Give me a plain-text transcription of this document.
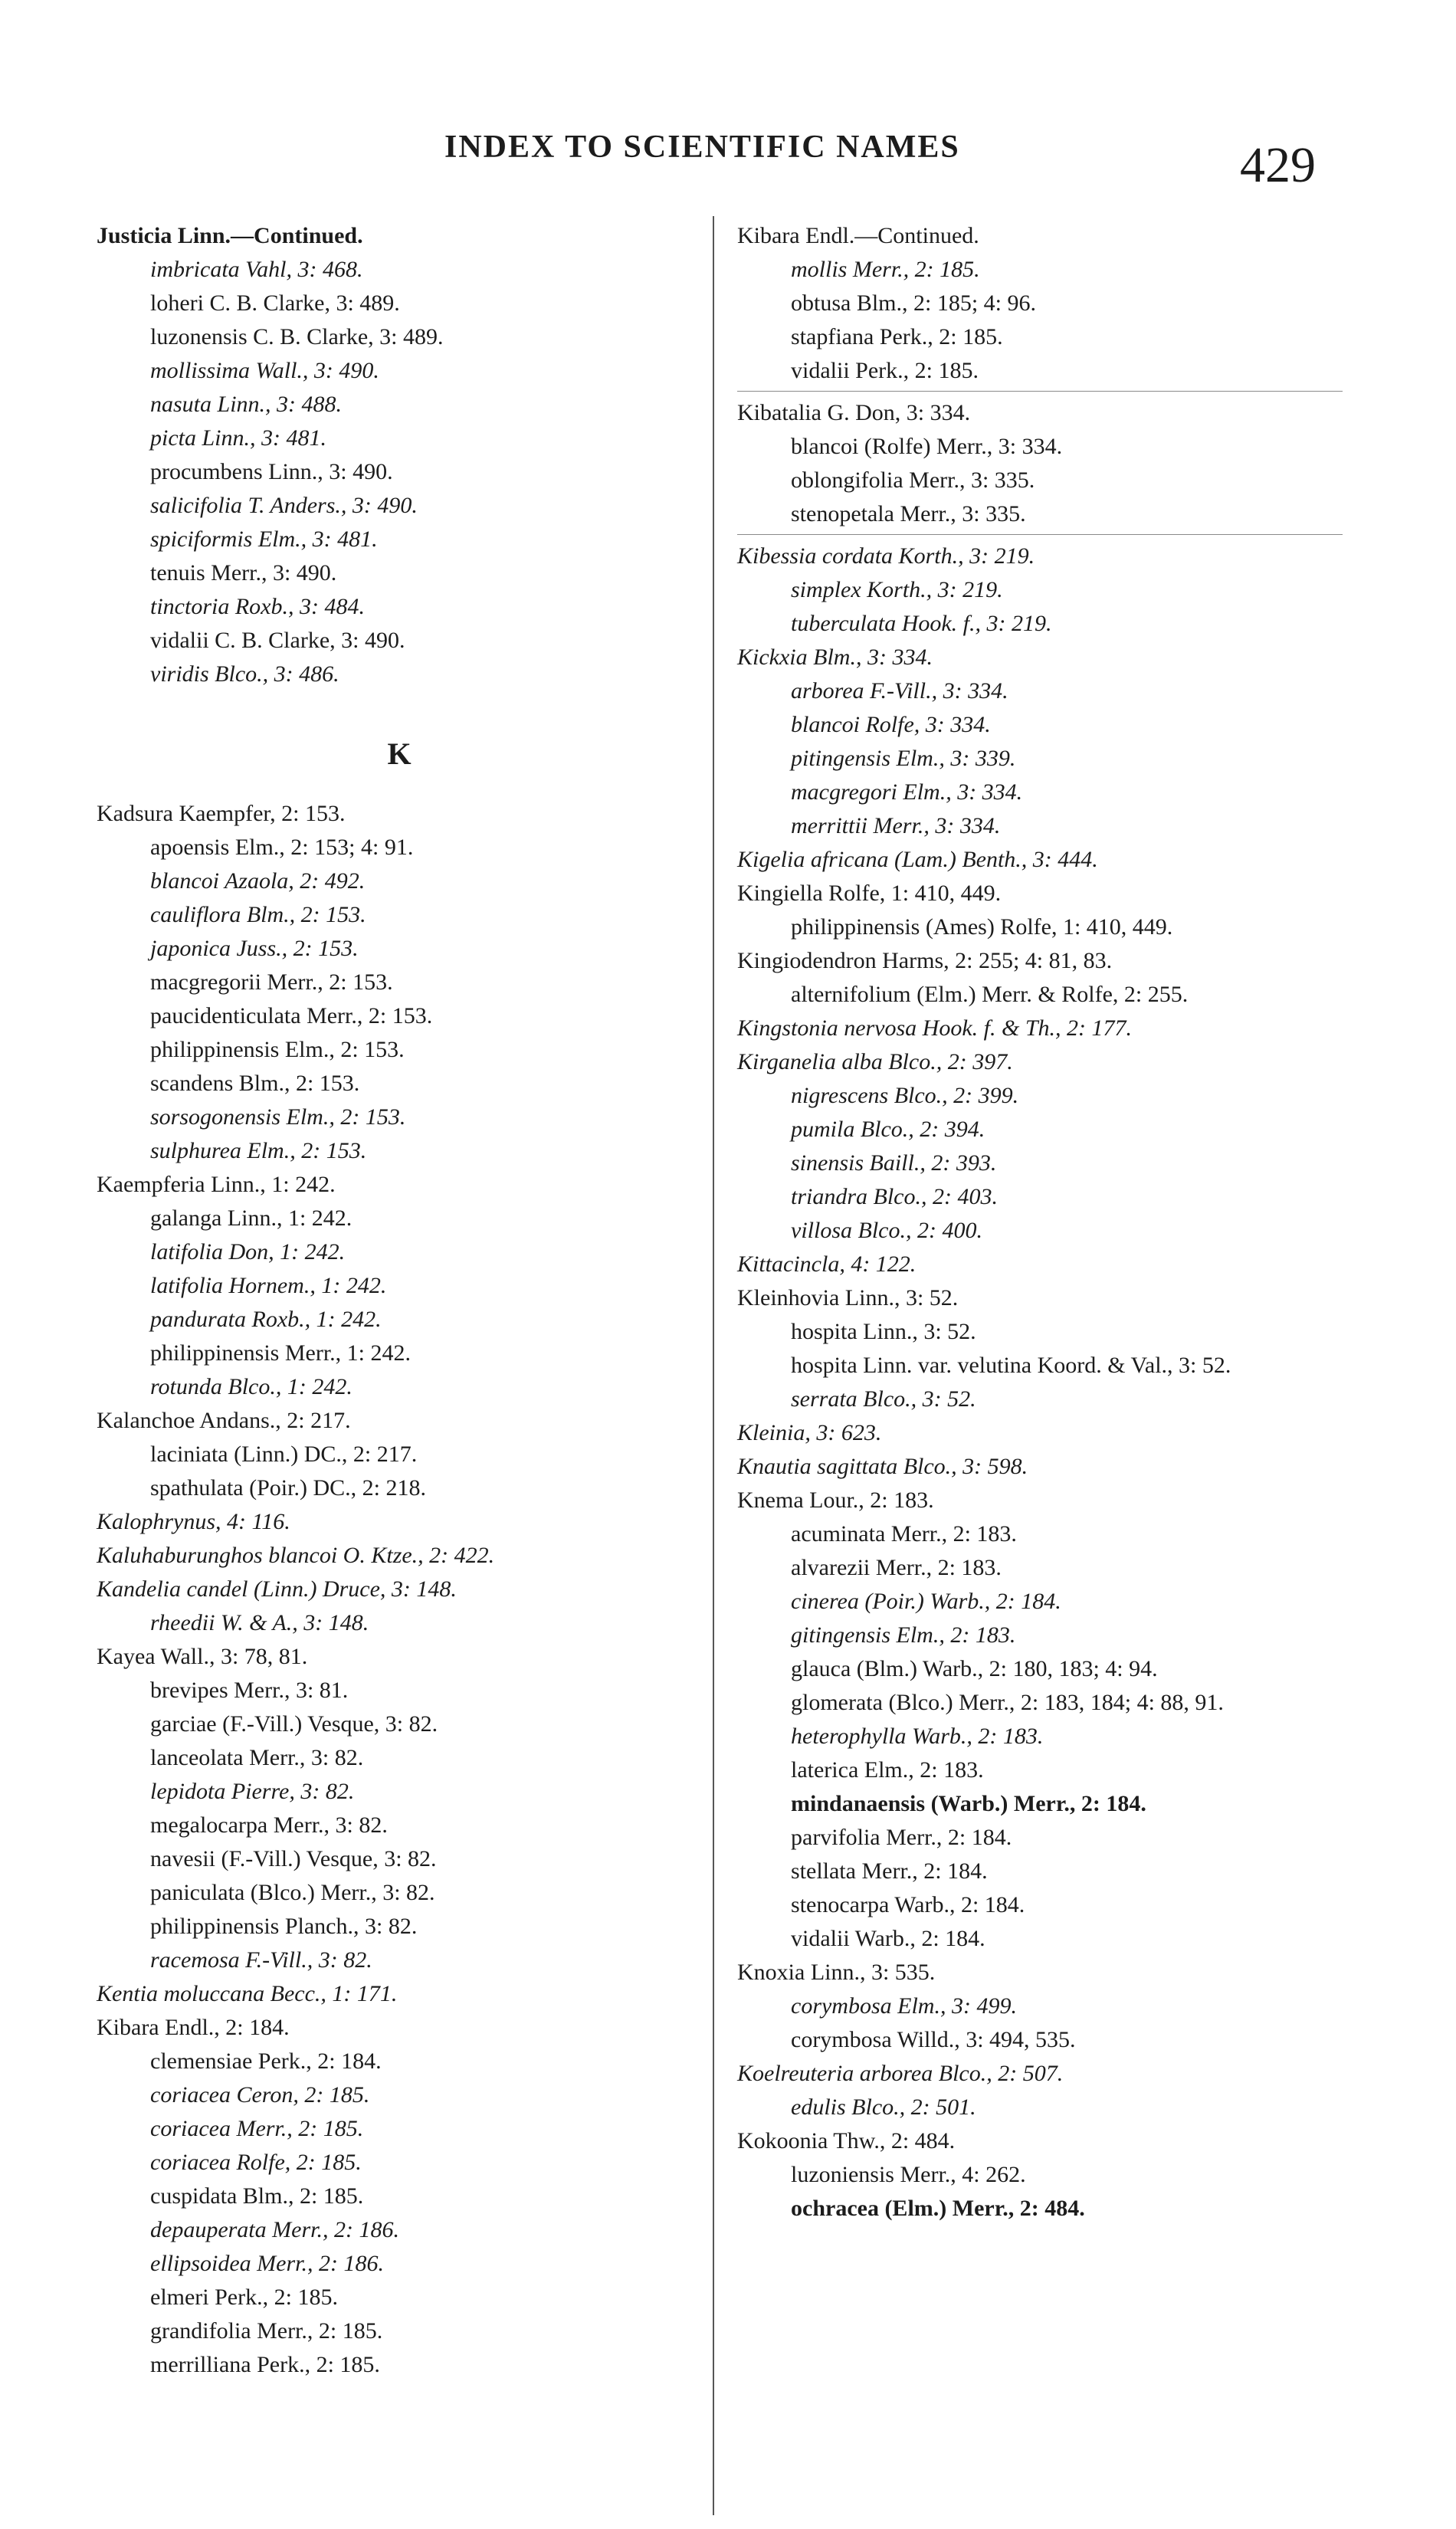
INDEX TO SCIENTIFIC NAMES	429
Justicia Linn.—Continued.
imbricata Vahl, 3: 468.
loheri C. B. Clarke, 3: 489.
luzonensis C. B. Clarke, 3: 489.
mollissima Wall., 3: 490.
nasuta Linn., 3: 488.
picta Linn., 3: 481.
procumbens Linn., 3: 490.
salicifolia T. Anders., 3: 490.
spiciformis Elm., 3: 481.
tenuis Merr., 3: 490.
tinctoria Roxb., 3: 484.
vidalii C. B. Clarke, 3: 490.
viridis Blco., 3: 486.
K
Kadsura Kaempfer, 2: 153.
apoensis Elm., 2: 153; 4: 91.
blancoi Azaola, 2: 492.
cauliflora Blm., 2: 153.
japonica Juss., 2: 153.
macgregorii Merr., 2: 153.
paucidenticulata Merr., 2: 153.
philippinensis Elm., 2: 153.
scandens Blm., 2: 153.
sorsogonensis Elm., 2: 153.
sulphurea Elm., 2: 153.
Kaempferia Linn., 1: 242.
galanga Linn., 1: 242.
latifolia Don, 1: 242.
latifolia Hornem., 1: 242.
pandurata Roxb., 1: 242.
philippinensis Merr., 1: 242.
rotunda Blco., 1: 242.
Kalanchoe Andans., 2: 217.
laciniata (Linn.) DC., 2: 217.
spathulata (Poir.) DC., 2: 218.
Kalophrynus, 4: 116.
Kaluhaburunghos blancoi O. Ktze., 2: 422.
Kandelia candel (Linn.) Druce, 3: 148.
rheedii W. & A., 3: 148.
Kayea Wall., 3: 78, 81.
brevipes Merr., 3: 81.
garciae (F.-Vill.) Vesque, 3: 82.
lanceolata Merr., 3: 82.
lepidota Pierre, 3: 82.
megalocarpa Merr., 3: 82.
navesii (F.-Vill.) Vesque, 3: 82.
paniculata (Blco.) Merr., 3: 82.
philippinensis Planch., 3: 82.
racemosa F.-Vill., 3: 82.
Kentia moluccana Becc., 1: 171.
Kibara Endl., 2: 184.
clemensiae Perk., 2: 184.
coriacea Ceron, 2: 185.
coriacea Merr., 2: 185.
coriacea Rolfe, 2: 185.
cuspidata Blm., 2: 185.
depauperata Merr., 2: 186.
ellipsoidea Merr., 2: 186.
elmeri Perk., 2: 185.
grandifolia Merr., 2: 185.
merrilliana Perk., 2: 185.
Kibara Endl.—Continued.
mollis Merr., 2: 185.
obtusa Blm., 2: 185; 4: 96.
stapfiana Perk., 2: 185.
vidalii Perk., 2: 185.
Kibatalia G. Don, 3: 334.
blancoi (Rolfe) Merr., 3: 334.
oblongifolia Merr., 3: 335.
stenopetala Merr., 3: 335.
Kibessia cordata Korth., 3: 219.
simplex Korth., 3: 219.
tuberculata Hook. f., 3: 219.
Kickxia Blm., 3: 334.
arborea F.-Vill., 3: 334.
blancoi Rolfe, 3: 334.
pitingensis Elm., 3: 339.
macgregori Elm., 3: 334.
merrittii Merr., 3: 334.
Kigelia africana (Lam.) Benth., 3: 444.
Kingiella Rolfe, 1: 410, 449.
philippinensis (Ames) Rolfe, 1: 410, 449.
Kingiodendron Harms, 2: 255; 4: 81, 83.
alternifolium (Elm.) Merr. & Rolfe, 2: 255.
Kingstonia nervosa Hook. f. & Th., 2: 177.
Kirganelia alba Blco., 2: 397.
nigrescens Blco., 2: 399.
pumila Blco., 2: 394.
sinensis Baill., 2: 393.
triandra Blco., 2: 403.
villosa Blco., 2: 400.
Kittacincla, 4: 122.
Kleinhovia Linn., 3: 52.
hospita Linn., 3: 52.
hospita Linn. var. velutina Koord. & Val., 3: 52.
serrata Blco., 3: 52.
Kleinia, 3: 623.
Knautia sagittata Blco., 3: 598.
Knema Lour., 2: 183.
acuminata Merr., 2: 183.
alvarezii Merr., 2: 183.
cinerea (Poir.) Warb., 2: 184.
gitingensis Elm., 2: 183.
glauca (Blm.) Warb., 2: 180, 183; 4: 94.
glomerata (Blco.) Merr., 2: 183, 184; 4: 88, 91.
heterophylla Warb., 2: 183.
laterica Elm., 2: 183.
mindanaensis (Warb.) Merr., 2: 184.
parvifolia Merr., 2: 184.
stellata Merr., 2: 184.
stenocarpa Warb., 2: 184.
vidalii Warb., 2: 184.
Knoxia Linn., 3: 535.
corymbosa Elm., 3: 499.
corymbosa Willd., 3: 494, 535.
Koelreuteria arborea Blco., 2: 507.
edulis Blco., 2: 501.
Kokoonia Thw., 2: 484.
luzoniensis Merr., 4: 262.
ochracea (Elm.) Merr., 2: 484.
